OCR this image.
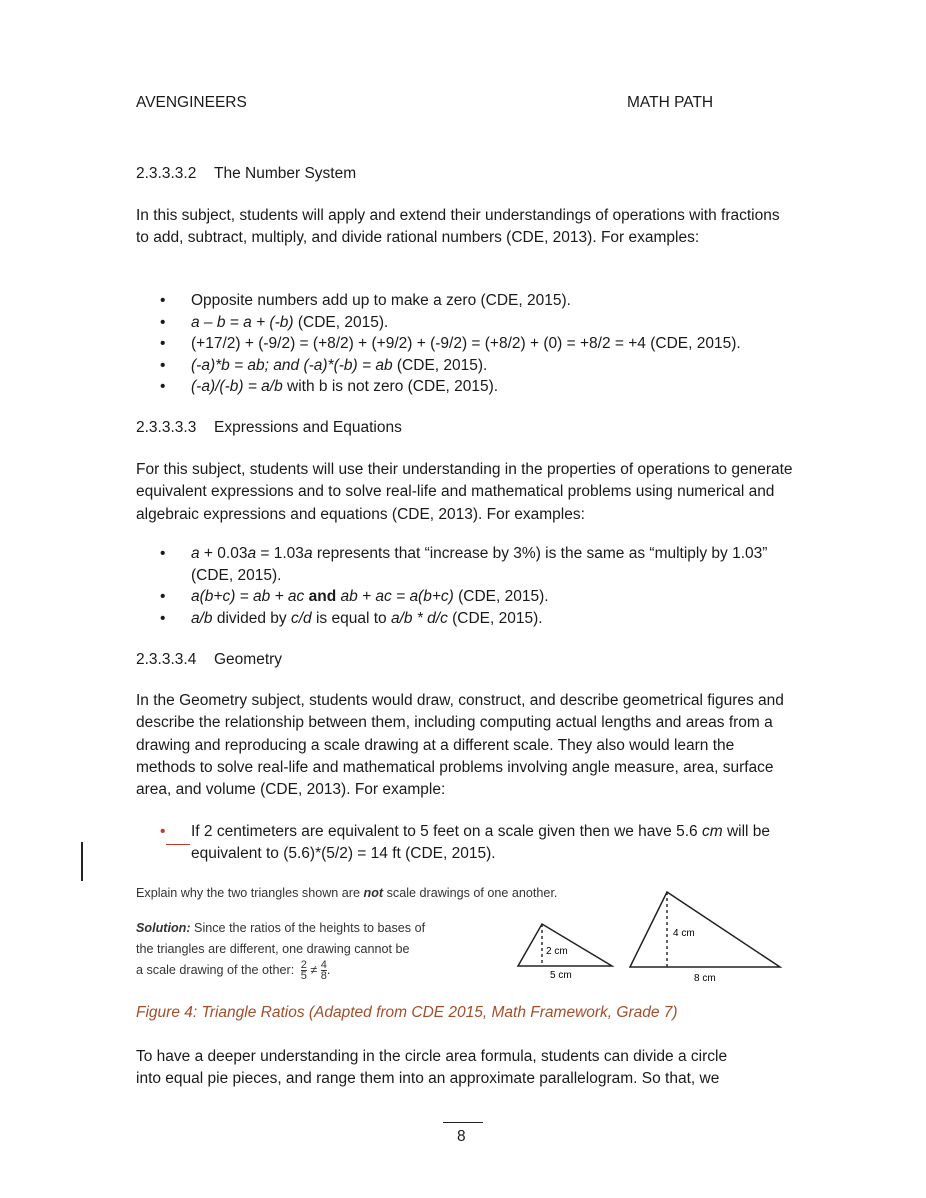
AVENGINEERS	MATH PATH
2.3.3.3.2 The Number System
In this subject, students will apply and extend their understandings of operations with fractions to add, subtract, multiply, and divide rational numbers (CDE, 2013). For examples:
• Opposite numbers add up to make a zero (CDE, 2015).
• a – b = a + (-b) (CDE, 2015).
• (+17/2) + (-9/2) = (+8/2) + (+9/2) + (-9/2) = (+8/2) + (0) = +8/2 = +4 (CDE, 2015).
• (-a)*b = ab; and (-a)*(-b) = ab (CDE, 2015).
• (-a)/(-b) = a/b with b is not zero (CDE, 2015).
2.3.3.3.3 Expressions and Equations
For this subject, students will use their understanding in the properties of operations to generate equivalent expressions and to solve real-life and mathematical problems using numerical and algebraic expressions and equations (CDE, 2013). For examples:
• a + 0.03a = 1.03a represents that “increase by 3%) is the same as “multiply by 1.03” (CDE, 2015).
• a(b+c) = ab + ac and ab + ac = a(b+c) (CDE, 2015).
• a/b divided by c/d is equal to a/b * d/c (CDE, 2015).
2.3.3.3.4 Geometry
In the Geometry subject, students would draw, construct, and describe geometrical figures and describe the relationship between them, including computing actual lengths and areas from a drawing and reproducing a scale drawing at a different scale. They also would learn the methods to solve real-life and mathematical problems involving angle measure, area, surface area, and volume (CDE, 2013). For example:
• If 2 centimeters are equivalent to 5 feet on a scale given then we have 5.6 cm will be equivalent to (5.6)*(5/2) = 14 ft (CDE, 2015).
Explain why the two triangles shown are not scale drawings of one another.
Solution: Since the ratios of the heights to bases of
the triangles are different, one drawing cannot be
a scale drawing of the other: $\frac{2}{5} \ne \frac{4}{8}$ .
2 cm
5 cm
4 cm
8 cm
Figure 4: Triangle Ratios (Adapted from CDE 2015, Math Framework, Grade 7)
To have a deeper understanding in the circle area formula, students can divide a circle
into equal pie pieces, and range them into an approximate parallelogram. So that, we
8
